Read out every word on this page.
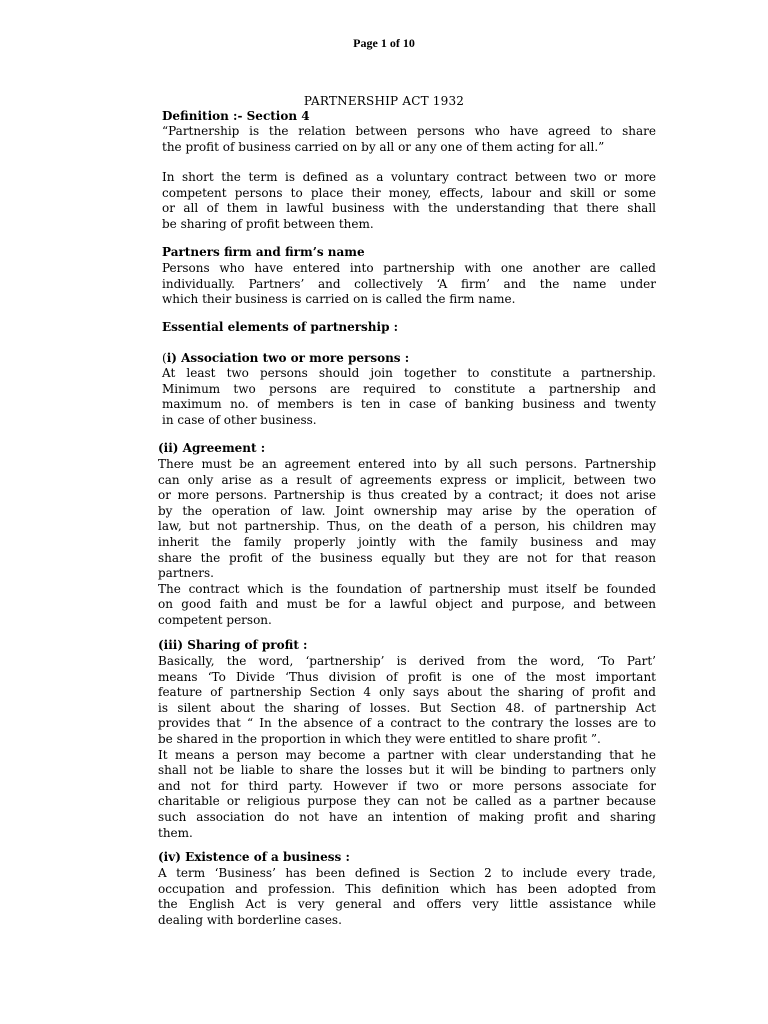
Page 1 of 10
PARTNERSHIP ACT 1932
Definition :- Section 4
“Partnership is the relation between persons who have agreed to share
the profit of business carried on by all or any one of them acting for all.”
In short the term is defined as a voluntary contract between two or more
competent persons to place their money, effects, labour and skill or some
or all of them in lawful business with the understanding that there shall
be sharing of profit between them.
Partners firm and firm’s name
Persons who have entered into partnership with one another are called
individually. Partners’ and collectively ‘A firm’ and the name under
which their business is carried on is called the firm name.
Essential elements of partnership :
(i) Association two or more persons :
At least two persons should join together to constitute a partnership.
Minimum two persons are required to constitute a partnership and
maximum no. of members is ten in case of banking business and twenty
in case of other business.
(ii) Agreement :
There must be an agreement entered into by all such persons. Partnership
can only arise as a result of agreements express or implicit, between two
or more persons. Partnership is thus created by a contract; it does not arise
by the operation of law. Joint ownership may arise by the operation of
law, but not partnership. Thus, on the death of a person, his children may
inherit the family properly jointly with the family business and may
share the profit of the business equally but they are not for that reason
partners.
The contract which is the foundation of partnership must itself be founded
on good faith and must be for a lawful object and purpose, and between
competent person.
(iii) Sharing of profit :
Basically, the word, ‘partnership’ is derived from the word, ‘To Part’
means ‘To Divide ‘Thus division of profit is one of the most important
feature of partnership Section 4 only says about the sharing of profit and
is silent about the sharing of losses. But Section 48. of partnership Act
provides that “ In the absence of a contract to the contrary the losses are to
be shared in the proportion in which they were entitled to share profit ”.
It means a person may become a partner with clear understanding that he
shall not be liable to share the losses but it will be binding to partners only
and not for third party. However if two or more persons associate for
charitable or religious purpose they can not be called as a partner because
such association do not have an intention of making profit and sharing
them.
(iv) Existence of a business :
A term ‘Business’ has been defined is Section 2 to include every trade,
occupation and profession. This definition which has been adopted from
the English Act is very general and offers very little assistance while
dealing with borderline cases.
